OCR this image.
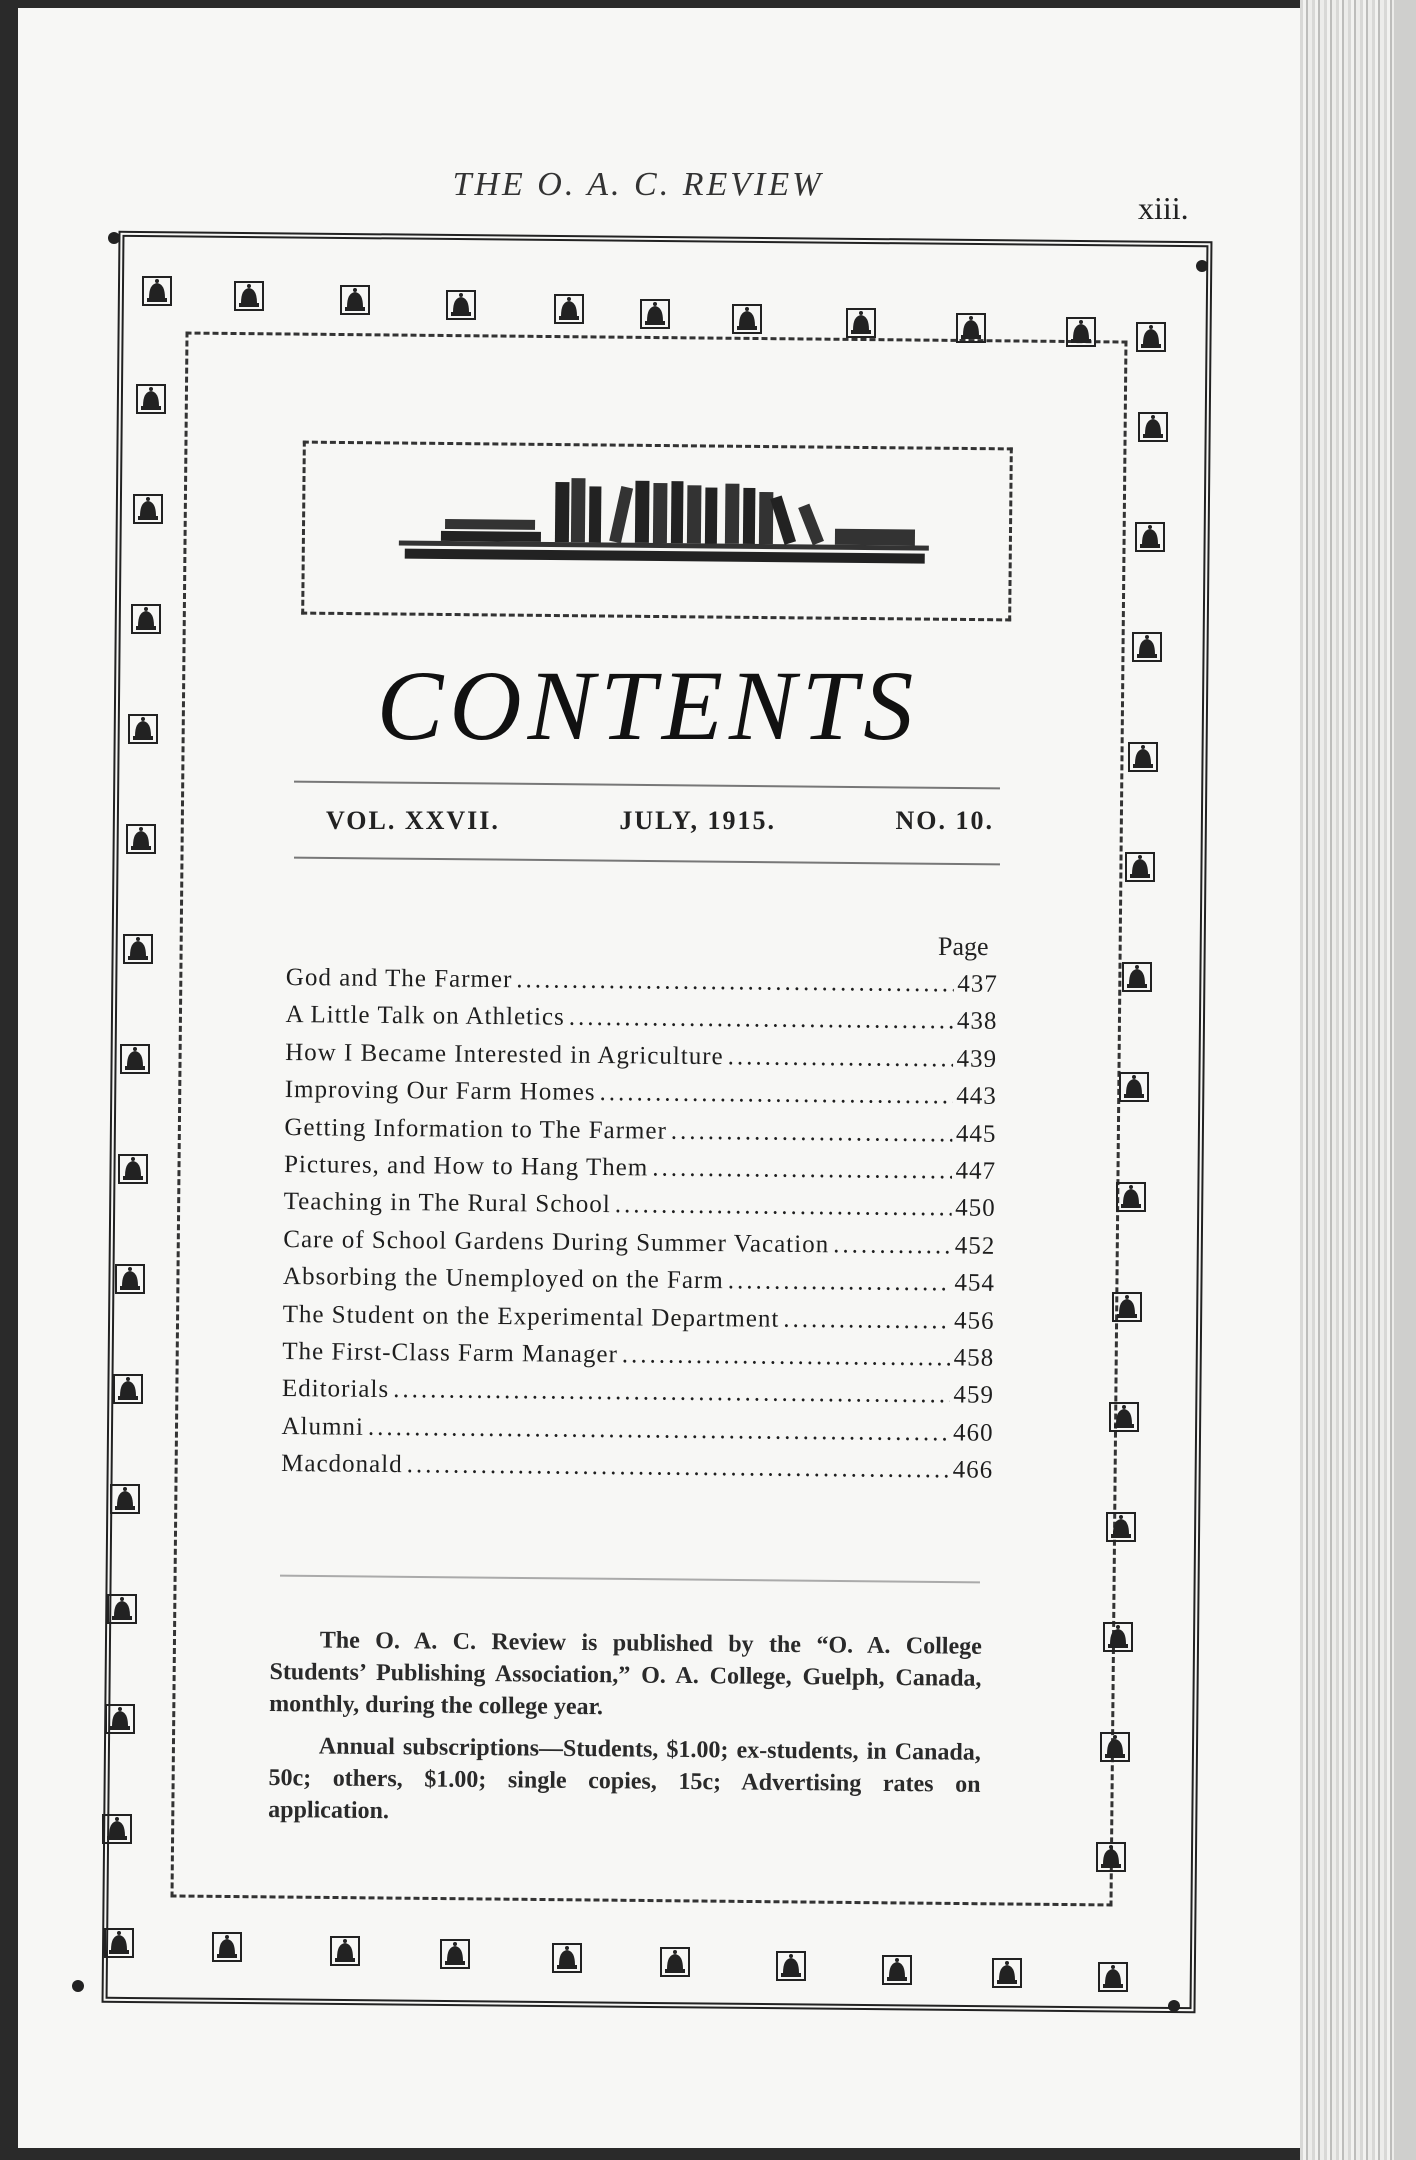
THE O. A. C. REVIEW
xiii.
CONTENTS
VOL. XXVII.	JULY, 1915.	NO. 10.
Page
God and The Farmer .....	437
A Little Talk on Athletics .....	438
How I Became Interested in Agriculture .....	439
Improving Our Farm Homes .....	443
Getting Information to The Farmer .....	445
Pictures, and How to Hang Them .....	447
Teaching in The Rural School .....	450
Care of School Gardens During Summer Vacation .....	452
Absorbing the Unemployed on the Farm .....	454
The Student on the Experimental Department .....	456
The First-Class Farm Manager .....	458
Editorials .....	459
Alumni .....	460
Macdonald .....	466

The O. A. C. Review is published by the “O. A. College Students’ Publishing Association,” O. A. College, Guelph, Canada, monthly, during the college year.

Annual subscriptions—Students, $1.00; ex-students, in Canada, 50c; others, $1.00; single copies, 15c; Advertising rates on application.
